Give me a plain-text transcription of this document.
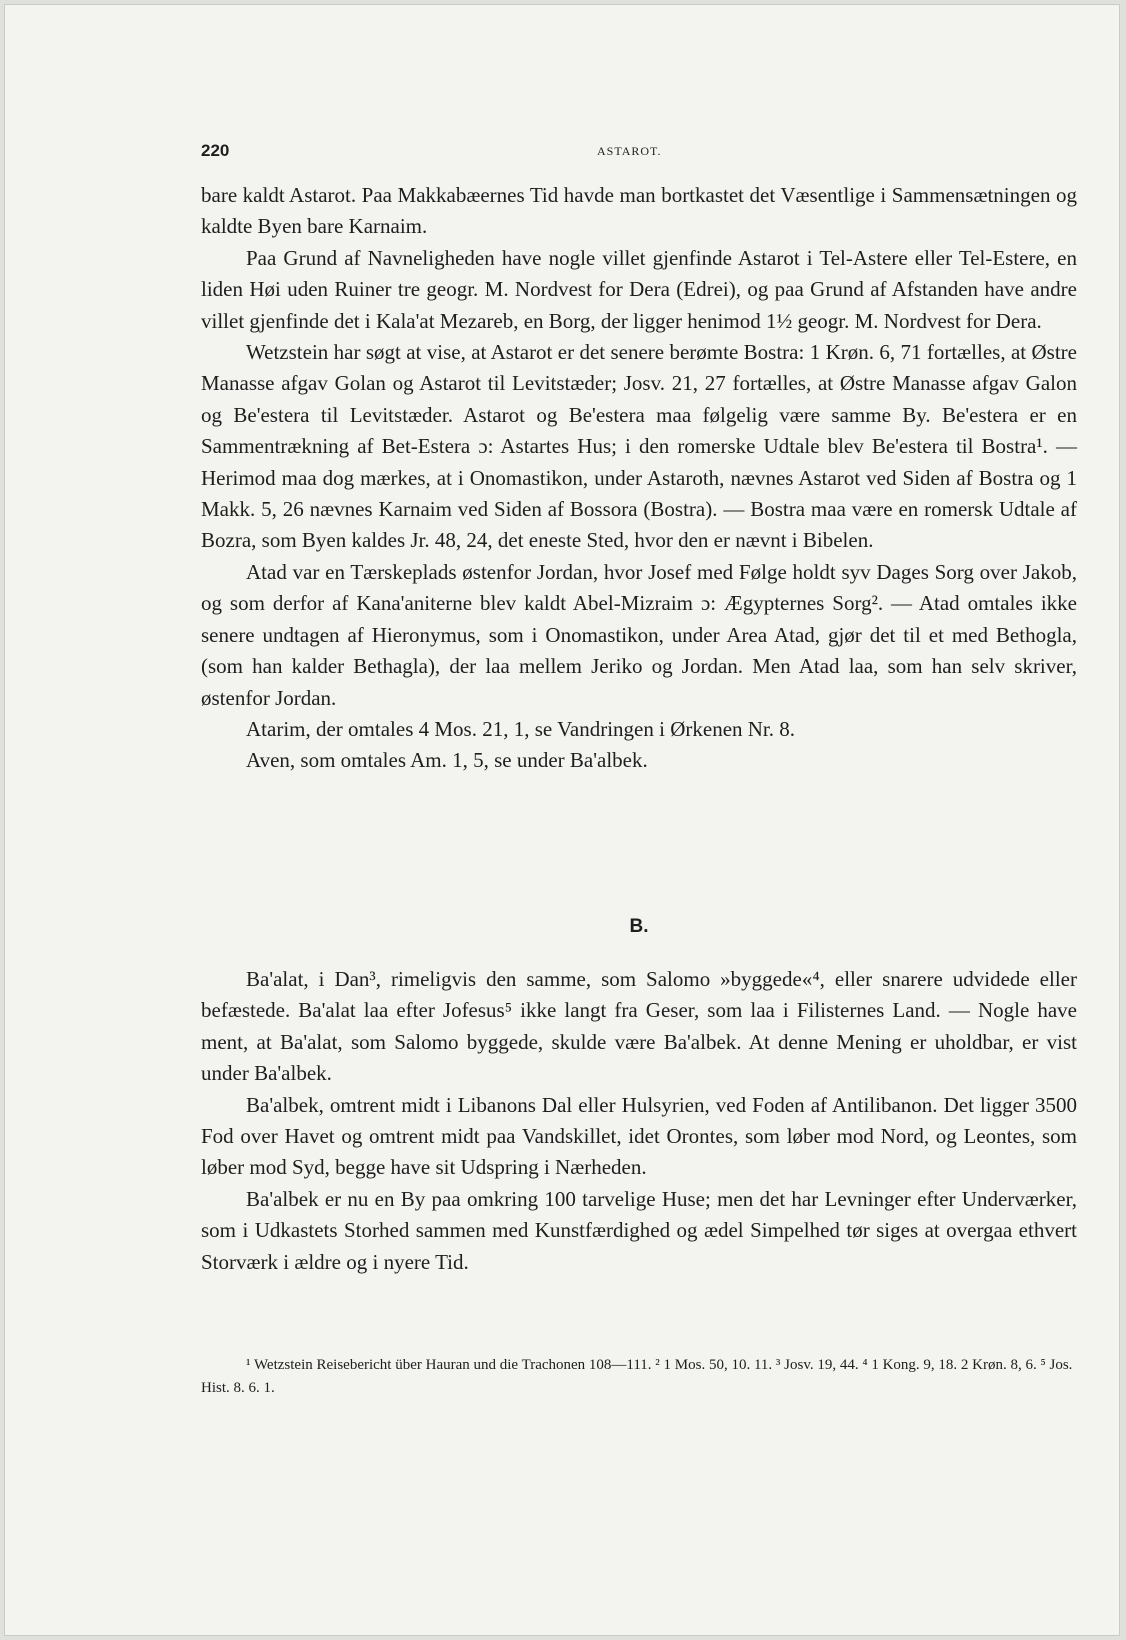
220	ASTAROT.

bare kaldt Astarot. Paa Makkabæernes Tid havde man bortkastet det Væsentlige i Sammensætningen og kaldte Byen bare Karnaim.

Paa Grund af Navneligheden have nogle villet gjenfinde Astarot i Tel-Astere eller Tel-Estere, en liden Høi uden Ruiner tre geogr. M. Nordvest for Dera (Edrei), og paa Grund af Afstanden have andre villet gjenfinde det i Kala'at Mezareb, en Borg, der ligger henimod 1½ geogr. M. Nordvest for Dera.

Wetzstein har søgt at vise, at Astarot er det senere berømte Bostra: 1 Krøn. 6, 71 fortælles, at Østre Manasse afgav Golan og Astarot til Levitstæder; Josv. 21, 27 fortælles, at Østre Manasse afgav Galon og Be'estera til Levitstæder. Astarot og Be'estera maa følgelig være samme By. Be'estera er en Sammentrækning af Bet-Estera ɔ: Astartes Hus; i den romerske Udtale blev Be'estera til Bostra¹. — Herimod maa dog mærkes, at i Onomastikon, under Astaroth, nævnes Astarot ved Siden af Bostra og 1 Makk. 5, 26 nævnes Karnaim ved Siden af Bossora (Bostra). — Bostra maa være en romersk Udtale af Bozra, som Byen kaldes Jr. 48, 24, det eneste Sted, hvor den er nævnt i Bibelen.

Atad var en Tærskeplads østenfor Jordan, hvor Josef med Følge holdt syv Dages Sorg over Jakob, og som derfor af Kana'aniterne blev kaldt Abel-Mizraim ɔ: Ægypternes Sorg². — Atad omtales ikke senere undtagen af Hieronymus, som i Onomastikon, under Area Atad, gjør det til et med Bethogla, (som han kalder Bethagla), der laa mellem Jeriko og Jordan. Men Atad laa, som han selv skriver, østenfor Jordan.

Atarim, der omtales 4 Mos. 21, 1, se Vandringen i Ørkenen Nr. 8.

Aven, som omtales Am. 1, 5, se under Ba'albek.

B.

Ba'alat, i Dan³, rimeligvis den samme, som Salomo »byggede«⁴, eller snarere udvidede eller befæstede. Ba'alat laa efter Jofesus⁵ ikke langt fra Geser, som laa i Filisternes Land. — Nogle have ment, at Ba'alat, som Salomo byggede, skulde være Ba'albek. At denne Mening er uholdbar, er vist under Ba'albek.

Ba'albek, omtrent midt i Libanons Dal eller Hulsyrien, ved Foden af Antilibanon. Det ligger 3500 Fod over Havet og omtrent midt paa Vandskillet, idet Orontes, som løber mod Nord, og Leontes, som løber mod Syd, begge have sit Udspring i Nærheden.

Ba'albek er nu en By paa omkring 100 tarvelige Huse; men det har Levninger efter Underværker, som i Udkastets Storhed sammen med Kunstfærdighed og ædel Simpelhed tør siges at overgaa ethvert Storværk i ældre og i nyere Tid.

¹ Wetzstein Reisebericht über Hauran und die Trachonen 108—111. ² 1 Mos. 50, 10. 11. ³ Josv. 19, 44. ⁴ 1 Kong. 9, 18. 2 Krøn. 8, 6. ⁵ Jos. Hist. 8. 6. 1.
